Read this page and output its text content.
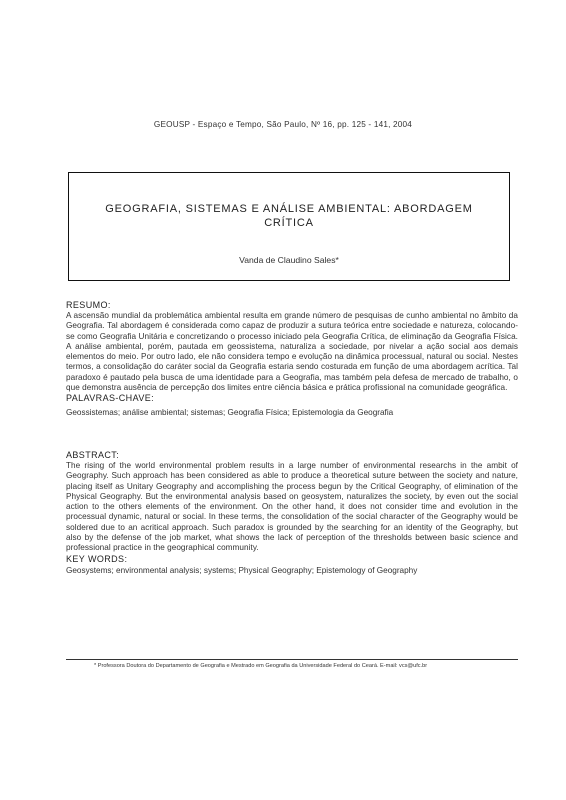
GEOUSP - Espaço e Tempo, São Paulo, Nº 16, pp. 125 - 141, 2004
GEOGRAFIA, SISTEMAS E ANÁLISE AMBIENTAL: ABORDAGEM CRÍTICA
Vanda de Claudino Sales*
RESUMO:
A ascensão mundial da problemática ambiental resulta em grande número de pesquisas de cunho ambiental no âmbito da Geografia. Tal abordagem é considerada como capaz de produzir a sutura teórica entre sociedade e natureza, colocando-se como Geografia Unitária e concretizando o processo iniciado pela Geografia Crítica, de eliminação da Geografia Física. A análise ambiental, porém, pautada em geossistema, naturaliza a sociedade, por nivelar a ação social aos demais elementos do meio. Por outro lado, ele não considera tempo e evolução na dinâmica processual, natural ou social. Nestes termos, a consolidação do caráter social da Geografia estaria sendo costurada em função de uma abordagem acrítica. Tal paradoxo é pautado pela busca de uma identidade para a Geografia, mas também pela defesa de mercado de trabalho, o que demonstra ausência de percepção dos limites entre ciência básica e prática profissional na comunidade geográfica.
PALAVRAS-CHAVE:
Geossistemas; análise ambiental; sistemas; Geografia Física; Epistemologia da Geografia
ABSTRACT:
The rising of the world environmental problem results in a large number of environmental researchs in the ambit of Geography. Such approach has been considered as able to produce a theoretical suture between the society and nature, placing itself as Unitary Geography and accomplishing the process begun by the Critical Geography, of elimination of the Physical Geography. But the environmental analysis based on geosystem, naturalizes the society, by even out the social action to the others elements of the environment. On the other hand, it does not consider time and evolution in the processual dynamic, natural or social. In these terms, the consolidation of the social character of the Geography would be soldered due to an acritical approach. Such paradox is grounded by the searching for an identity of the Geography, but also by the defense of the job market, what shows the lack of perception of the thresholds between basic science and professional practice in the geographical community.
KEY WORDS:
Geosystems; environmental analysis; systems; Physical Geography; Epistemology of Geography
* Professora Doutora do Departamento de Geografia e Mestrado em Geografia da Universidade Federal do Ceará. E-mail: vcs@ufc.br
